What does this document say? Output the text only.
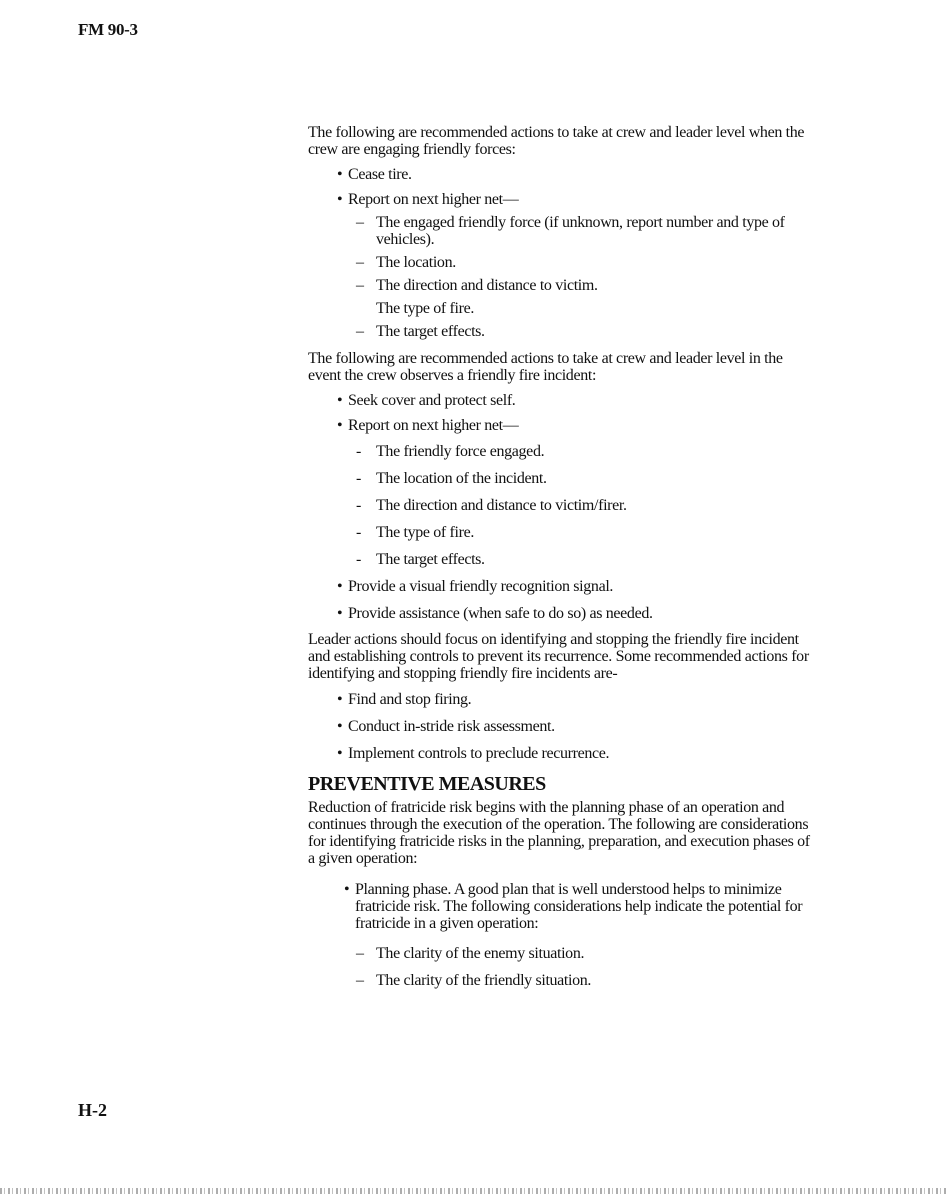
FM 90-3

The following are recommended actions to take at crew and leader level when the crew are engaging friendly forces:

• Cease tire.
• Report on next higher net—
– The engaged friendly force (if unknown, report number and type of vehicles).
– The location.
– The direction and distance to victim.
The type of fire.
– The target effects.

The following are recommended actions to take at crew and leader level in the event the crew observes a friendly fire incident:

• Seek cover and protect self.
• Report on next higher net—
- The friendly force engaged.
- The location of the incident.
- The direction and distance to victim/firer.
- The type of fire.
- The target effects.
• Provide a visual friendly recognition signal.
• Provide assistance (when safe to do so) as needed.

Leader actions should focus on identifying and stopping the friendly fire incident and establishing controls to prevent its recurrence. Some recommended actions for identifying and stopping friendly fire incidents are-

• Find and stop firing.
• Conduct in-stride risk assessment.
• Implement controls to preclude recurrence.
PREVENTIVE MEASURES

Reduction of fratricide risk begins with the planning phase of an operation and continues through the execution of the operation. The following are considerations for identifying fratricide risks in the planning, preparation, and execution phases of a given operation:

• Planning phase. A good plan that is well understood helps to minimize fratricide risk. The following considerations help indicate the potential for fratricide in a given operation:
– The clarity of the enemy situation.
– The clarity of the friendly situation.
H-2
